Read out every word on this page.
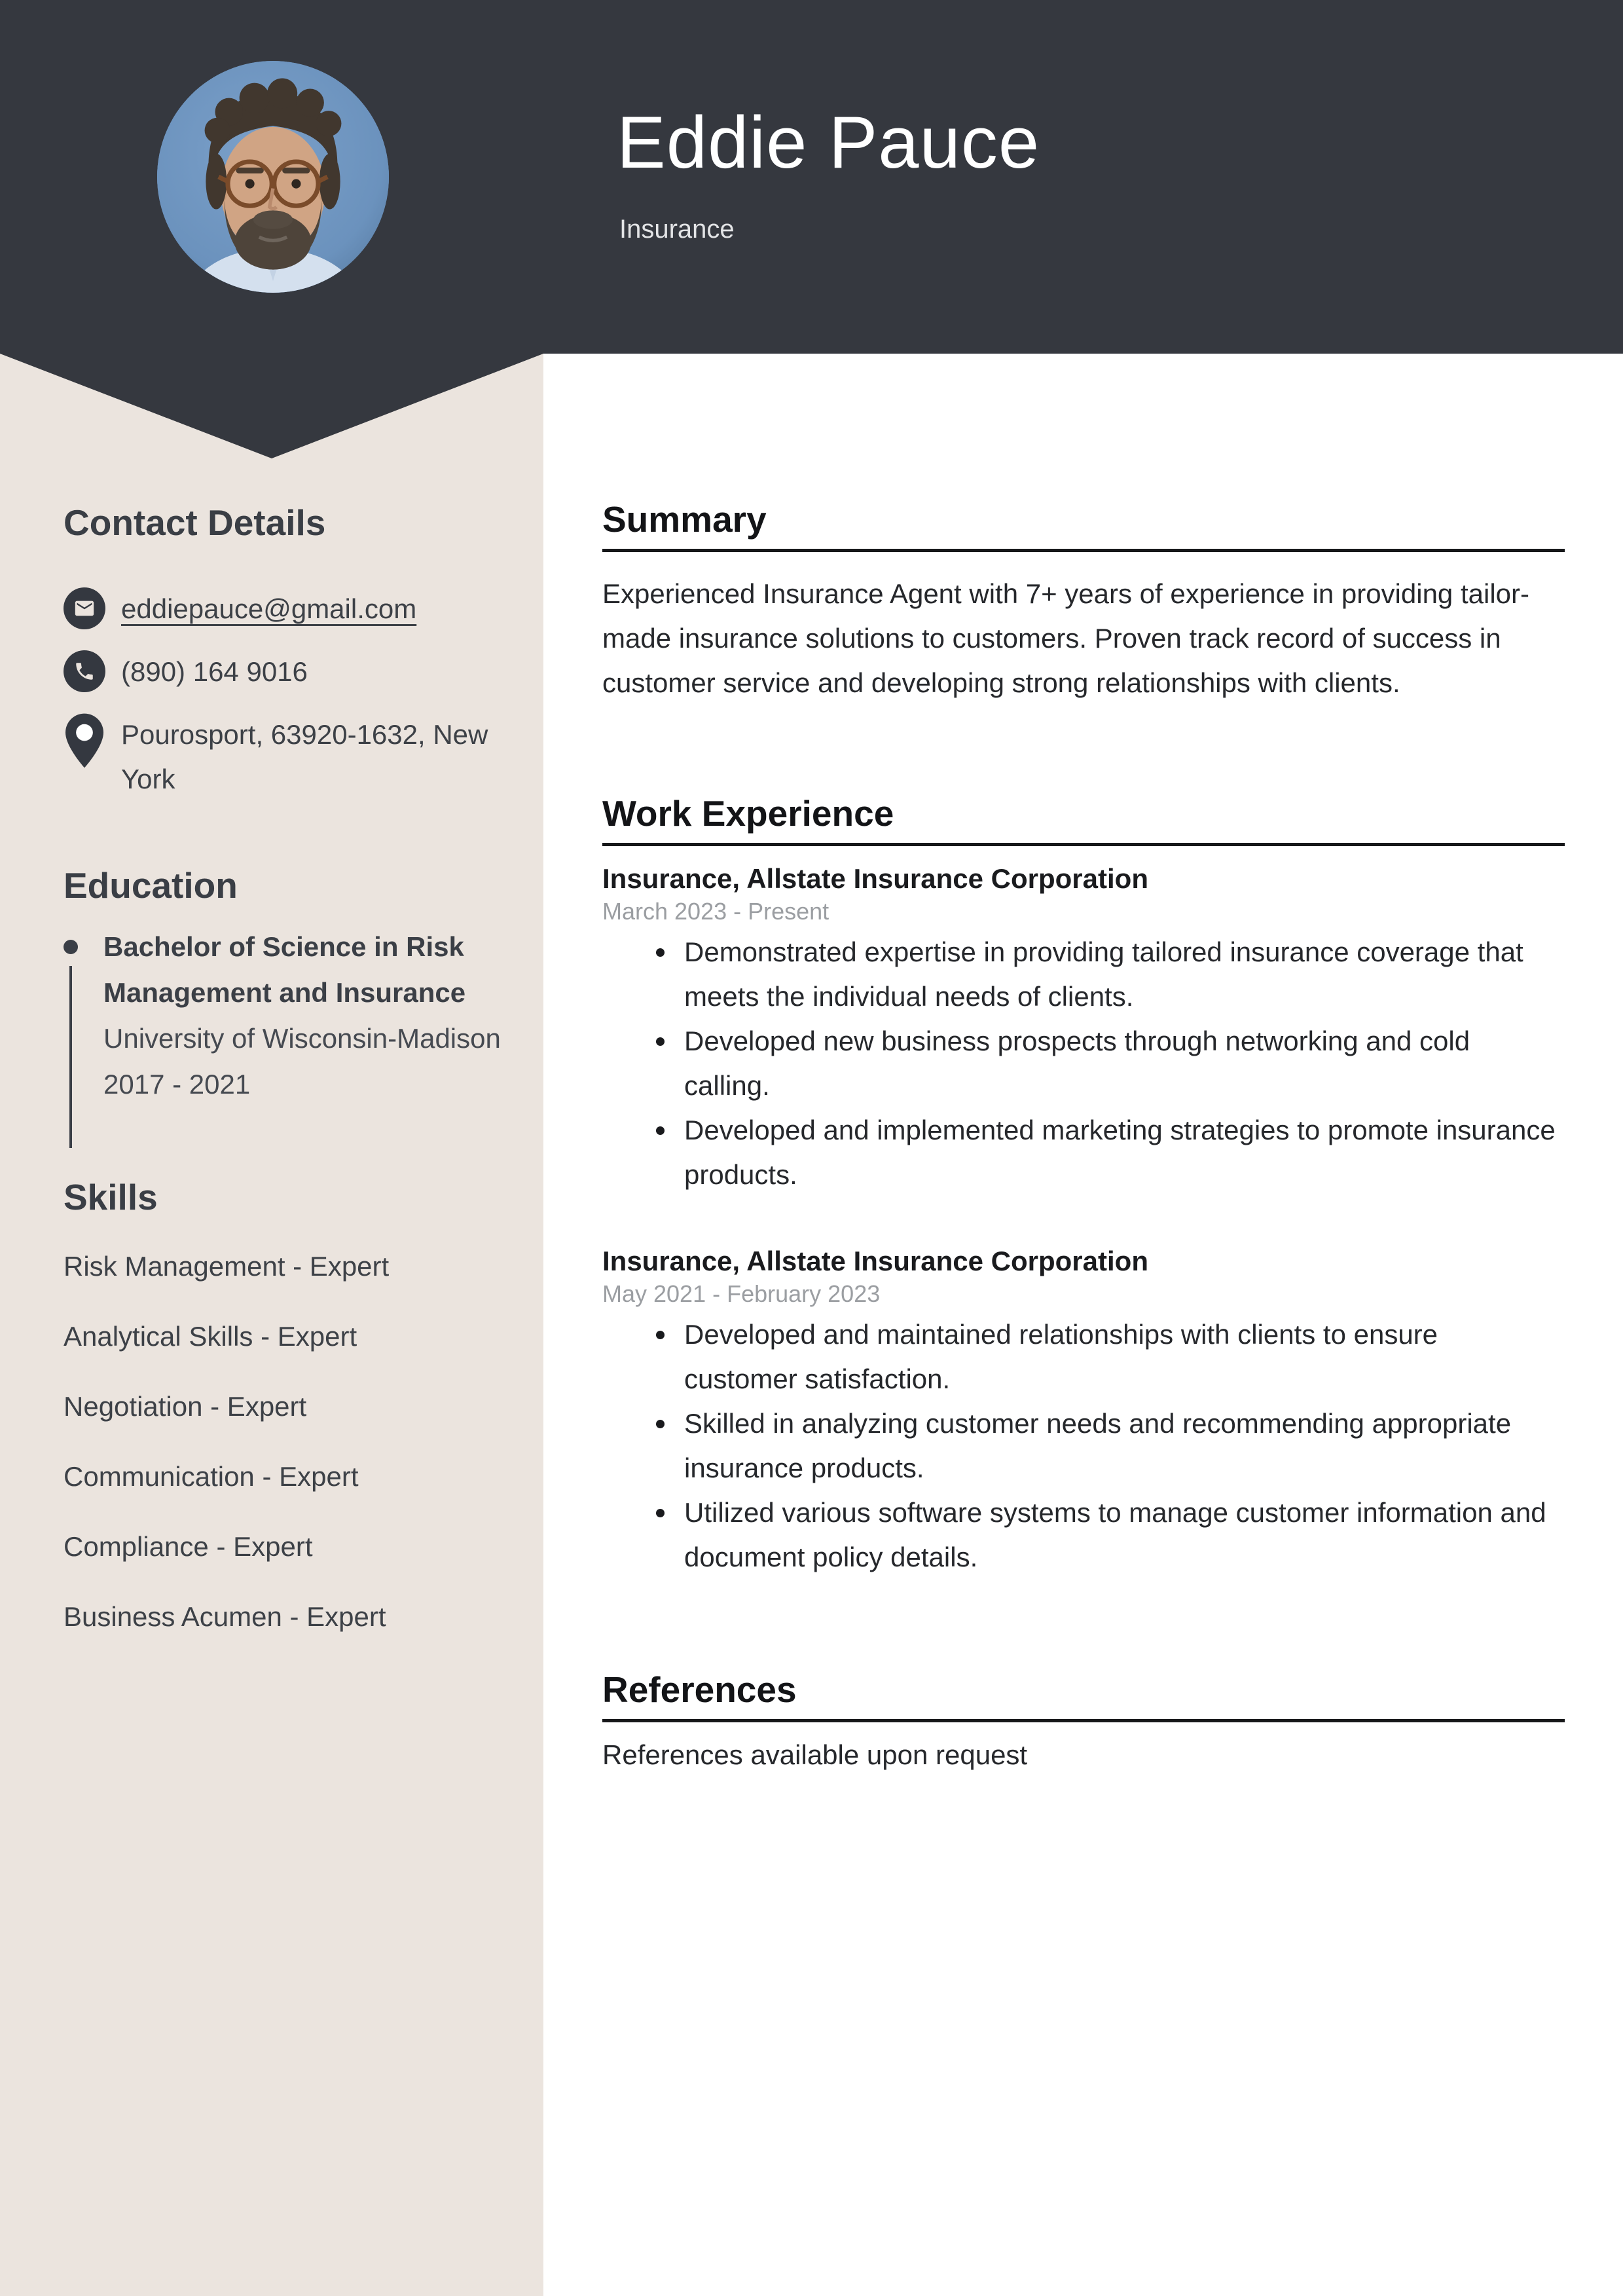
Eddie Pauce
Insurance
Contact Details
eddiepauce@gmail.com
(890) 164 9016
Pourosport, 63920-1632, New York
Education
Bachelor of Science in Risk Management and Insurance
University of Wisconsin-Madison
2017 - 2021
Skills
Risk Management - Expert
Analytical Skills - Expert
Negotiation - Expert
Communication - Expert
Compliance - Expert
Business Acumen - Expert
Summary
Experienced Insurance Agent with 7+ years of experience in providing tailor-made insurance solutions to customers. Proven track record of success in customer service and developing strong relationships with clients.
Work Experience
Insurance, Allstate Insurance Corporation
March 2023 - Present
Demonstrated expertise in providing tailored insurance coverage that meets the individual needs of clients.
Developed new business prospects through networking and cold calling.
Developed and implemented marketing strategies to promote insurance products.
Insurance, Allstate Insurance Corporation
May 2021 - February 2023
Developed and maintained relationships with clients to ensure customer satisfaction.
Skilled in analyzing customer needs and recommending appropriate insurance products.
Utilized various software systems to manage customer information and document policy details.
References
References available upon request
